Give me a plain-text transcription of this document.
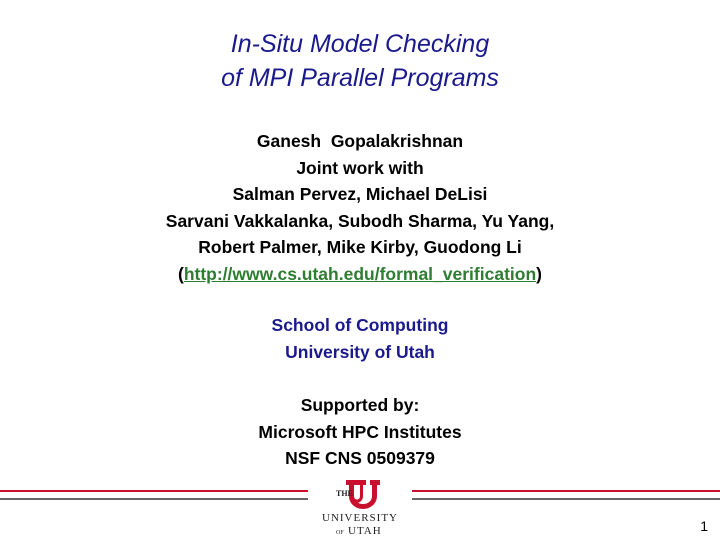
In-Situ Model Checking
of MPI Parallel Programs
Ganesh  Gopalakrishnan
Joint work with
Salman Pervez, Michael DeLisi
Sarvani Vakkalanka, Subodh Sharma, Yu Yang,
Robert Palmer, Mike Kirby, Guodong Li
(http://www.cs.utah.edu/formal_verification)
School of Computing
University of Utah
Supported by:
Microsoft HPC Institutes
NSF CNS 0509379
THE
UNIVERSITY
OF UTAH	1
